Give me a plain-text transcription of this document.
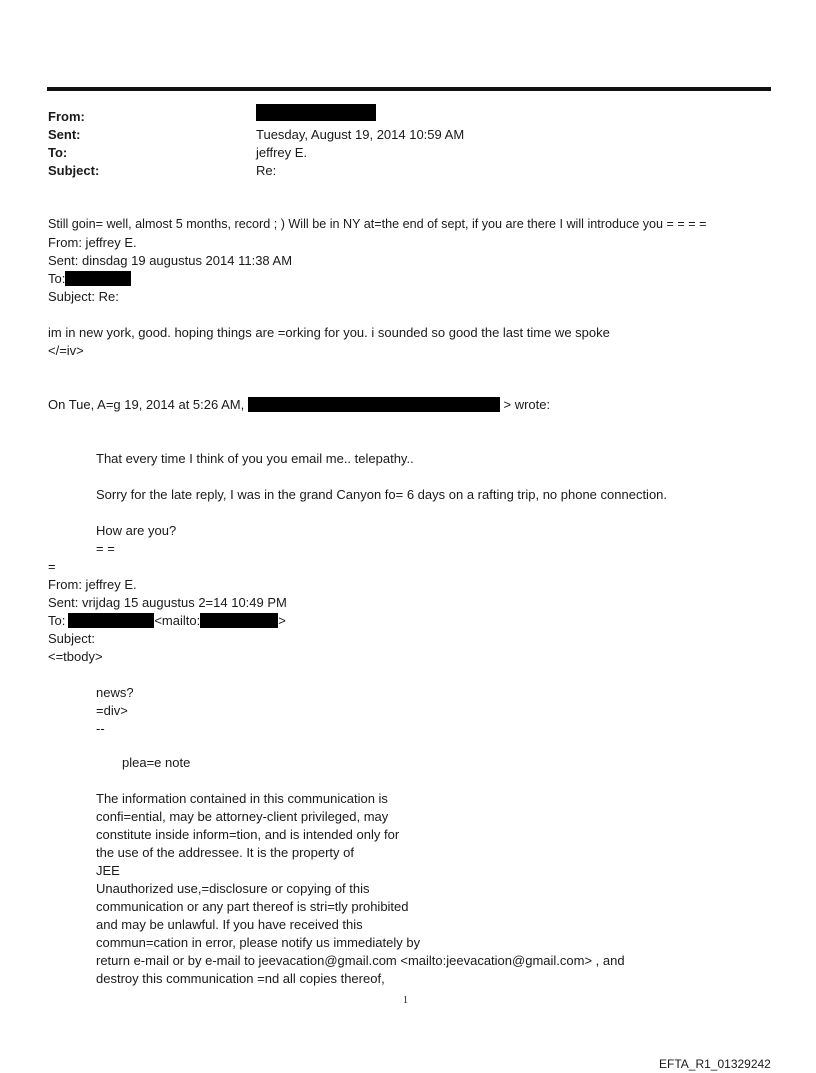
From:
Sent:	Tuesday, August 19, 2014 10:59 AM
To:	jeffrey E.
Subject:	Re:
Still goin= well, almost 5 months, record ; ) Will be in NY at=the end of sept, if you are there I will introduce you = = = =
From: jeffrey E.
Sent: dinsdag 19 augustus 2014 11:38 AM
To:
Subject: Re:
im in new york, good. hoping things are =orking for you. i sounded so good the last time we spoke
</=iv>
On Tue, A=g 19, 2014 at 5:26 AM,	> wrote:
That every time I think of you you email me.. telepathy..
Sorry for the late reply, I was in the grand Canyon fo= 6 days on a rafting trip, no phone connection.
How are you?
= =
=
From: jeffrey E.
Sent: vrijdag 15 augustus 2=14 10:49 PM
To:	<mailto:	>
Subject:
<=tbody>
news?
=div>
--
plea=e note
The information contained in this communication is
confi=ential, may be attorney-client privileged, may
constitute inside inform=tion, and is intended only for
the use of the addressee. It is the property of
JEE
Unauthorized use,=disclosure or copying of this
communication or any part thereof is stri=tly prohibited
and may be unlawful. If you have received this
commun=cation in error, please notify us immediately by
return e-mail or by e-mail to jeevacation@gmail.com <mailto:jeevacation@gmail.com> , and
destroy this communication =nd all copies thereof,
1
EFTA_R1_01329242
